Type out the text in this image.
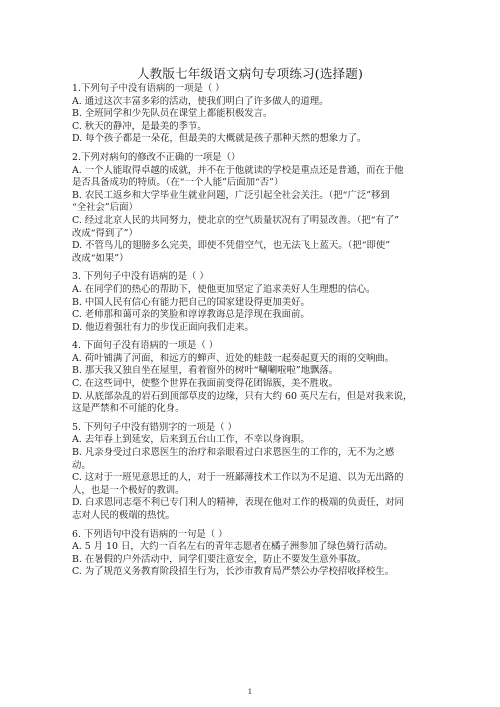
人教版七年级语文病句专项练习(选择题)
1.下列句子中没有语病的一项是（ ）
A. 通过这次丰富多彩的活动，使我们明白了许多做人的道理。
B. 全班同学和少先队员在课堂上都能积极发言。
C. 秋天的静冲，是最美的季节。
D. 每个孩子都是一朵花，但最美的大概就是孩子那种天然的想象力了。
2.下列对病句的修改不正确的一项是（）
A. 一个人能取得卓越的成就，并不在于他就读的学校是重点还是普通，而在于他
是否具备成功的特质。（在“一个人能”后面加“否”）
B. 农民工返乡和大学毕业生就业问题，广泛引起全社会关注。（把“广泛”移到
“全社会”后面）
C. 经过北京人民的共同努力，使北京的空气质量状况有了明显改善。（把“有了”
改成“得到了”）
D. 不管鸟儿的翅膀多么完美，即使不凭借空气，也无法飞上蓝天。（把“即使”
改成“如果”）
3. 下列句子中没有语病的是（ ）
A. 在同学们的热心的帮助下，使他更加坚定了追求美好人生理想的信心。
B. 中国人民有信心有能力把自己的国家建设得更加美好。
C. 老师那和蔼可亲的笑脸和谆谆教诲总是浮现在我面前。
D. 他迈着强壮有力的步伐正面向我们走来。
4. 下面句子没有语病的一项是（ ）
A. 荷叶铺满了河面，和远方的蝉声、近处的蛙鼓一起奏起夏天的雨的交响曲。
B. 那天我又独自坐在屋里，看着窗外的树叶“唰唰啦啦”地飘落。
C. 在这些词中，使整个世界在我面前变得花团锦簇，美不胜收。
D. 从底部杂乱的岩石到顶部草皮的边缘，只有大约 60 英尺左右，但是对我来说，
这是严禁和不可能的化身。
5. 下列句子中没有错别字的一项是（ ）
A. 去年春上到延安，后来到五台山工作，不幸以身询职。
B. 凡亲身受过白求恩医生的治疗和亲眼看过白求恩医生的工作的，无不为之感
动。
C. 这对于一班见意思迁的人，对于一班鄙薄技术工作以为不足道、以为无出路的
人，也是一个极好的教训。
D. 白求恩同志毫不利已专门利人的精神，表现在他对工作的极端的负责任，对同
志对人民的极端的热忱。
6. 下列语句中没有语病的一句是（ ）
A. 5 月 10 日，大约一百名左右的青年志愿者在橘子洲参加了绿色骑行活动。
B. 在暑假的户外活动中，同学们要注意安全，防止不要发生意外事故。
C. 为了规范义务教育阶段招生行为，长沙市教育局严禁公办学校招收择校生。
1
